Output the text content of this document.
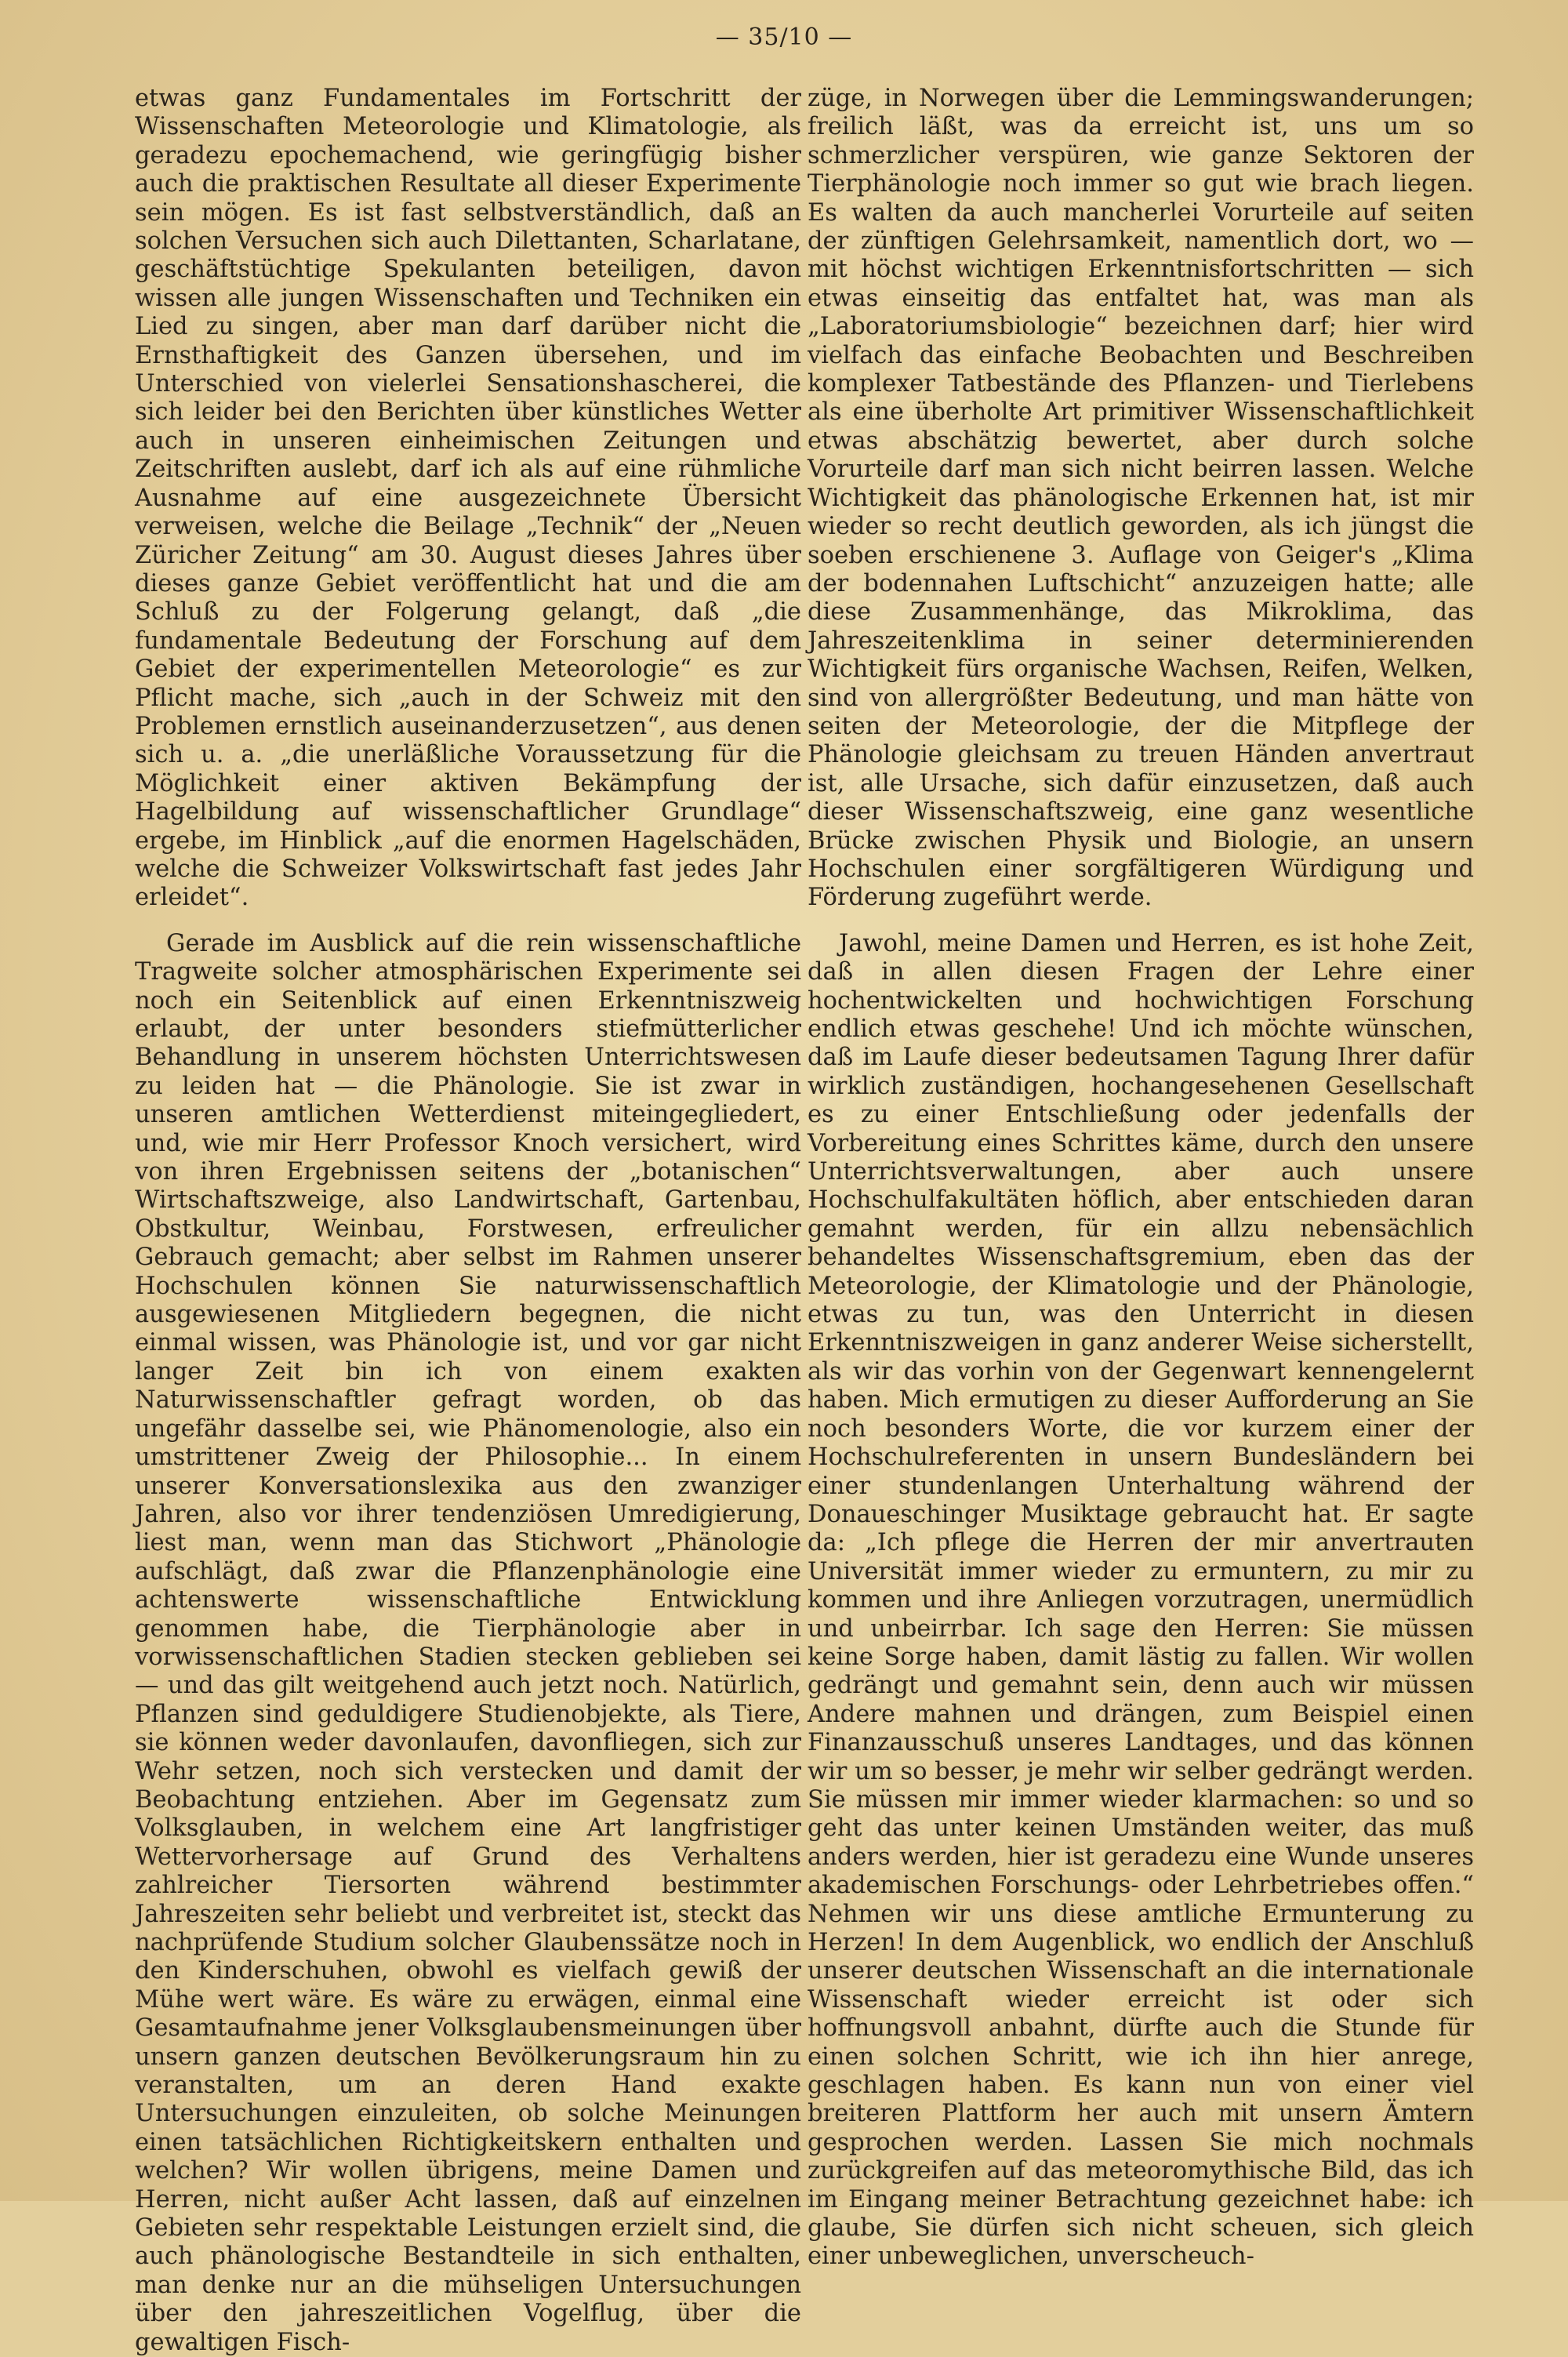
— 35/10 —

etwas ganz Fundamentales im Fortschritt der Wissenschaften Meteorologie und Klimatologie, als geradezu epochemachend, wie geringfügig bisher auch die praktischen Resultate all dieser Experimente sein mögen. Es ist fast selbstverständlich, daß an solchen Versuchen sich auch Dilettanten, Scharlatane, geschäftstüchtige Spekulanten beteiligen, davon wissen alle jungen Wissenschaften und Techniken ein Lied zu singen, aber man darf darüber nicht die Ernsthaftigkeit des Ganzen übersehen, und im Unterschied von vielerlei Sensationshascherei, die sich leider bei den Berichten über künstliches Wetter auch in unseren einheimischen Zeitungen und Zeitschriften auslebt, darf ich als auf eine rühmliche Ausnahme auf eine ausgezeichnete Übersicht verweisen, welche die Beilage „Technik“ der „Neuen Züricher Zeitung“ am 30. August dieses Jahres über dieses ganze Gebiet veröffentlicht hat und die am Schluß zu der Folgerung gelangt, daß „die fundamentale Bedeutung der Forschung auf dem Gebiet der experimentellen Meteorologie“ es zur Pflicht mache, sich „auch in der Schweiz mit den Problemen ernstlich auseinanderzusetzen“, aus denen sich u. a. „die unerläßliche Voraussetzung für die Möglichkeit einer aktiven Bekämpfung der Hagelbildung auf wissenschaftlicher Grundlage“ ergebe, im Hinblick „auf die enormen Hagelschäden, welche die Schweizer Volkswirtschaft fast jedes Jahr erleidet“.

Gerade im Ausblick auf die rein wissenschaftliche Tragweite solcher atmosphärischen Experimente sei noch ein Seitenblick auf einen Erkenntniszweig erlaubt, der unter besonders stiefmütterlicher Behandlung in unserem höchsten Unterrichtswesen zu leiden hat — die Phänologie. Sie ist zwar in unseren amtlichen Wetterdienst miteingegliedert, und, wie mir Herr Professor Knoch versichert, wird von ihren Ergebnissen seitens der „botanischen“ Wirtschaftszweige, also Landwirtschaft, Gartenbau, Obstkultur, Weinbau, Forstwesen, erfreulicher Gebrauch gemacht; aber selbst im Rahmen unserer Hochschulen können Sie naturwissenschaftlich ausgewiesenen Mitgliedern begegnen, die nicht einmal wissen, was Phänologie ist, und vor gar nicht langer Zeit bin ich von einem exakten Naturwissenschaftler gefragt worden, ob das ungefähr dasselbe sei, wie Phänomenologie, also ein umstrittener Zweig der Philosophie... In einem unserer Konversationslexika aus den zwanziger Jahren, also vor ihrer tendenziösen Umredigierung, liest man, wenn man das Stichwort „Phänologie aufschlägt, daß zwar die Pflanzenphänologie eine achtenswerte wissenschaftliche Entwicklung genommen habe, die Tierphänologie aber in vorwissenschaftlichen Stadien stecken geblieben sei — und das gilt weitgehend auch jetzt noch. Natürlich, Pflanzen sind geduldigere Studienobjekte, als Tiere, sie können weder davonlaufen, davonfliegen, sich zur Wehr setzen, noch sich verstecken und damit der Beobachtung entziehen. Aber im Gegensatz zum Volksglauben, in welchem eine Art langfristiger Wettervorhersage auf Grund des Verhaltens zahlreicher Tiersorten während bestimmter Jahreszeiten sehr beliebt und verbreitet ist, steckt das nachprüfende Studium solcher Glaubenssätze noch in den Kinderschuhen, obwohl es vielfach gewiß der Mühe wert wäre. Es wäre zu erwägen, einmal eine Gesamtaufnahme jener Volksglaubensmeinungen über unsern ganzen deutschen Bevölkerungsraum hin zu veranstalten, um an deren Hand exakte Untersuchungen einzuleiten, ob solche Meinungen einen tatsächlichen Richtigkeitskern enthalten und welchen? Wir wollen übrigens, meine Damen und Herren, nicht außer Acht lassen, daß auf einzelnen Gebieten sehr respektable Leistungen erzielt sind, die auch phänologische Bestandteile in sich enthalten, man denke nur an die mühseligen Untersuchungen über den jahreszeitlichen Vogelflug, über die gewaltigen Fisch-

züge, in Norwegen über die Lemmingswanderungen; freilich läßt, was da erreicht ist, uns um so schmerzlicher verspüren, wie ganze Sektoren der Tierphänologie noch immer so gut wie brach liegen. Es walten da auch mancherlei Vorurteile auf seiten der zünftigen Gelehrsamkeit, namentlich dort, wo — mit höchst wichtigen Erkenntnisfortschritten — sich etwas einseitig das entfaltet hat, was man als „Laboratoriumsbiologie“ bezeichnen darf; hier wird vielfach das einfache Beobachten und Beschreiben komplexer Tatbestände des Pflanzen- und Tierlebens als eine überholte Art primitiver Wissenschaftlichkeit etwas abschätzig bewertet, aber durch solche Vorurteile darf man sich nicht beirren lassen. Welche Wichtigkeit das phänologische Erkennen hat, ist mir wieder so recht deutlich geworden, als ich jüngst die soeben erschienene 3. Auflage von Geiger's „Klima der bodennahen Luftschicht“ anzuzeigen hatte; alle diese Zusammenhänge, das Mikroklima, das Jahreszeitenklima in seiner determinierenden Wichtigkeit fürs organische Wachsen, Reifen, Welken, sind von allergrößter Bedeutung, und man hätte von seiten der Meteorologie, der die Mitpflege der Phänologie gleichsam zu treuen Händen anvertraut ist, alle Ursache, sich dafür einzusetzen, daß auch dieser Wissenschaftszweig, eine ganz wesentliche Brücke zwischen Physik und Biologie, an unsern Hochschulen einer sorgfältigeren Würdigung und Förderung zugeführt werde.

Jawohl, meine Damen und Herren, es ist hohe Zeit, daß in allen diesen Fragen der Lehre einer hochentwickelten und hochwichtigen Forschung endlich etwas geschehe! Und ich möchte wünschen, daß im Laufe dieser bedeutsamen Tagung Ihrer dafür wirklich zuständigen, hochangesehenen Gesellschaft es zu einer Entschließung oder jedenfalls der Vorbereitung eines Schrittes käme, durch den unsere Unterrichtsverwaltungen, aber auch unsere Hochschulfakultäten höflich, aber entschieden daran gemahnt werden, für ein allzu nebensächlich behandeltes Wissenschaftsgremium, eben das der Meteorologie, der Klimatologie und der Phänologie, etwas zu tun, was den Unterricht in diesen Erkenntniszweigen in ganz anderer Weise sicherstellt, als wir das vorhin von der Gegenwart kennengelernt haben. Mich ermutigen zu dieser Aufforderung an Sie noch besonders Worte, die vor kurzem einer der Hochschulreferenten in unsern Bundesländern bei einer stundenlangen Unterhaltung während der Donaueschinger Musiktage gebraucht hat. Er sagte da: „Ich pflege die Herren der mir anvertrauten Universität immer wieder zu ermuntern, zu mir zu kommen und ihre Anliegen vorzutragen, unermüdlich und unbeirrbar. Ich sage den Herren: Sie müssen keine Sorge haben, damit lästig zu fallen. Wir wollen gedrängt und gemahnt sein, denn auch wir müssen Andere mahnen und drängen, zum Beispiel einen Finanzausschuß unseres Landtages, und das können wir um so besser, je mehr wir selber gedrängt werden. Sie müssen mir immer wieder klarmachen: so und so geht das unter keinen Umständen weiter, das muß anders werden, hier ist geradezu eine Wunde unseres akademischen Forschungs- oder Lehrbetriebes offen.“ Nehmen wir uns diese amtliche Ermunterung zu Herzen! In dem Augenblick, wo endlich der Anschluß unserer deutschen Wissenschaft an die internationale Wissenschaft wieder erreicht ist oder sich hoffnungsvoll anbahnt, dürfte auch die Stunde für einen solchen Schritt, wie ich ihn hier anrege, geschlagen haben. Es kann nun von einer viel breiteren Plattform her auch mit unsern Ämtern gesprochen werden. Lassen Sie mich nochmals zurückgreifen auf das meteoromythische Bild, das ich im Eingang meiner Betrachtung gezeichnet habe: ich glaube, Sie dürfen sich nicht scheuen, sich gleich einer unbeweglichen, unverscheuch-
